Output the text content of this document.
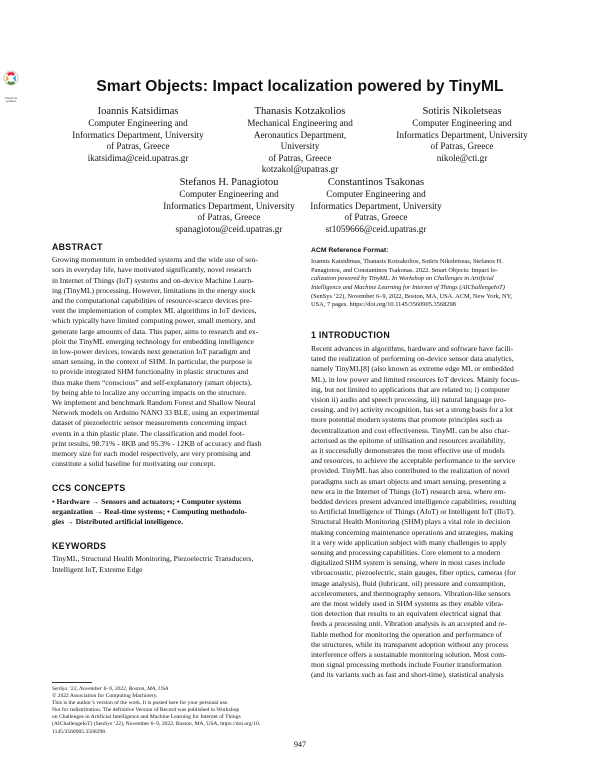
Check for updates
Smart Objects: Impact localization powered by TinyML
Ioannis Katsidimas
Computer Engineering and
Informatics Department, University
of Patras, Greece
ikatsidima@ceid.upatras.gr
Thanasis Kotzakolios
Mechanical Engineering and
Aeronautics Department, University
of Patras, Greece
kotzakol@upatras.gr
Sotiris Nikoletseas
Computer Engineering and
Informatics Department, University
of Patras, Greece
nikole@cti.gr
Stefanos H. Panagiotou
Computer Engineering and
Informatics Department, University
of Patras, Greece
spanagiotou@ceid.upatras.gr
Constantinos Tsakonas
Computer Engineering and
Informatics Department, University
of Patras, Greece
st1059666@ceid.upatras.gr
ABSTRACT

Growing momentum in embedded systems and the wide use of sen-

sors in everyday life, have motivated significantly, novel research

in Internet of Things (IoT) systems and on-device Machine Learn-

ing (TinyML) processing. However, limitations in the energy stock

and the computational capabilities of resource-scarce devices pre-

vent the implementation of complex ML algorithms in IoT devices,

which typically have limited computing power, small memory, and

generate large amounts of data. This paper, aims to research and ex-

ploit the TinyML emerging technology for embedding intelligence

in low-power devices, towards next generation IoT paradigm and

smart sensing, in the context of SHM. In particular, the purpose is

to provide integrated SHM functionality in plastic structures and

thus make them “conscious” and self-explanatory (smart objects),

by being able to localize any occurring impacts on the structure.

We implement and benchmark Random Forest and Shallow Neural

Network models on Arduino NANO 33 BLE, using an experimental

dataset of piezoelectric sensor measurements concerning impact

events in a thin plastic plate. The classification and model foot-

print results, 98.71% - 8KB and 95.3% - 12KB of accuracy and flash

memory size for each model respectively, are very promising and

constitute a solid baseline for motivating our concept.

CCS CONCEPTS

• Hardware → Sensors and actuators; • Computer systems

organization → Real-time systems; • Computing methodolo-

gies → Distributed artificial intelligence.

KEYWORDS

TinyML, Structural Health Monitoring, Piezoelectric Transducers,

Intelligent IoT, Extreme Edge

SenSys ’22, November 6–9, 2022, Boston, MA, USA

© 2022 Association for Computing Machinery.

This is the author’s version of the work. It is posted here for your personal use.

Not for redistribution. The definitive Version of Record was published in Workshop

on Challenges in Artificial Intelligence and Machine Learning for Internet of Things

(AIChallengeIoT) (SenSys ’22), November 6–9, 2022, Boston, MA, USA, https://doi.org/10.

1145/3560905.3568298.

ACM Reference Format:

Ioannis Katsidimas, Thanasis Kotzakolios, Sotiris Nikoletseas, Stefanos H.

Panagiotou, and Constantinos Tsakonas. 2022. Smart Objects: Impact lo-

calization powered by TinyML. In Workshop on Challenges in Artificial

Intelligence and Machine Learning for Internet of Things (AIChallengeIoT)

(SenSys ’22), November 6–9, 2022, Boston, MA, USA. ACM, New York, NY,

USA, 7 pages. https://doi.org/10.1145/3560905.3568298

1 INTRODUCTION

Recent advances in algorithms, hardware and software have facili-

tated the realization of performing on-device sensor data analytics,

namely TinyML[8] (also known as extreme edge ML or embedded

ML), in low power and limited resources IoT devices. Mainly focus-

ing, but not limited to applications that are related to; i) computer

vision ii) audio and speech processing, iii) natural language pro-

cessing, and iv) activity recognition, has set a strong basis for a lot

more potential modern systems that promote principles such as

decentralization and cost effectiveness. TinyML can be also char-

acterised as the epitome of utilisation and resources availability,

as it successfully demonstrates the most effective use of models

and resources, to achieve the acceptable performance to the service

provided. TinyML has also contributed to the realization of novel

paradigms such as smart objects and smart sensing, presenting a

new era in the Internet of Things (IoT) research area, where em-

bedded devices present advanced intelligence capabilities, resulting

to Artificial Intelligence of Things (AIoT) or Intelligent IoT (IIoT).

Structural Health Monitoring (SHM) plays a vital role in decision

making concerning maintenance operations and strategies, making

it a very wide application subject with many challenges to apply

sensing and processing capabilities. Core element to a modern

digitalized SHM system is sensing, where in most cases include

vibroacoustic, piezoelectric, stain gauges, fiber optics, cameras (for

image analysis), fluid (lubricant, oil) pressure and consumption,

accelerometers, and thermography sensors. Vibration-like sensors

are the most widely used in SHM systems as they enable vibra-

tion detection that results to an equivalent electrical signal that

feeds a processing unit. Vibration analysis is an accepted and re-

liable method for monitoring the operation and performance of

the structures, while its transparent adoption without any process

interference offers a sustainable monitoring solution. Most com-

mon signal processing methods include Fourier transformation

(and its variants such as fast and short-time), statistical analysis

947
